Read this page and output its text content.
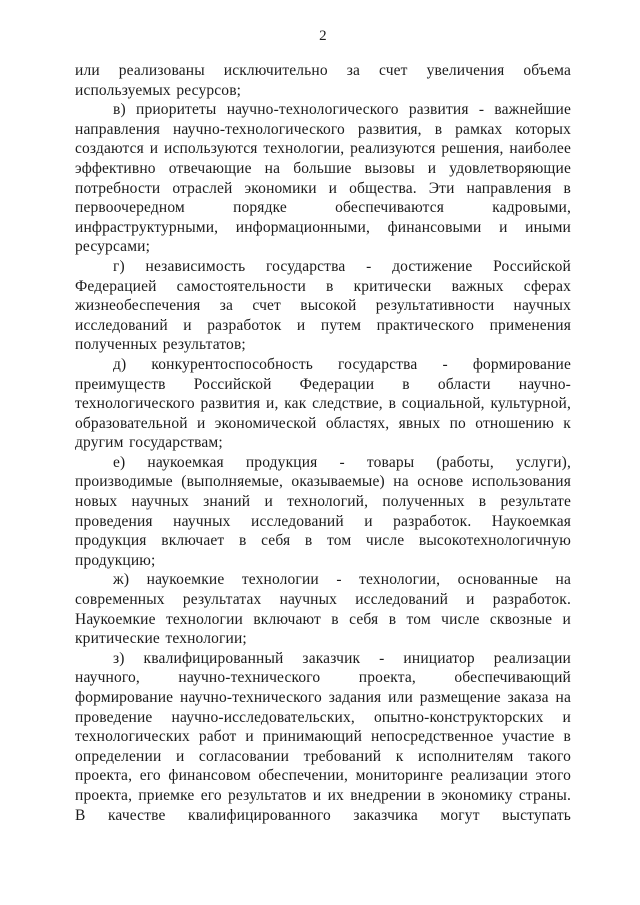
2

или реализованы исключительно за счет увеличения объема используемых ресурсов;

в) приоритеты научно-технологического развития - важнейшие направления научно-технологического развития, в рамках которых создаются и используются технологии, реализуются решения, наиболее эффективно отвечающие на большие вызовы и удовлетворяющие потребности отраслей экономики и общества. Эти направления в первоочередном порядке обеспечиваются кадровыми, инфраструктурными, информационными, финансовыми и иными ресурсами;

г) независимость государства - достижение Российской Федерацией самостоятельности в критически важных сферах жизнеобеспечения за счет высокой результативности научных исследований и разработок и путем практического применения полученных результатов;

д) конкурентоспособность государства - формирование преимуществ Российской Федерации в области научно-технологического развития и, как следствие, в социальной, культурной, образовательной и экономической областях, явных по отношению к другим государствам;

е) наукоемкая продукция - товары (работы, услуги), производимые (выполняемые, оказываемые) на основе использования новых научных знаний и технологий, полученных в результате проведения научных исследований и разработок. Наукоемкая продукция включает в себя в том числе высокотехнологичную продукцию;

ж) наукоемкие технологии - технологии, основанные на современных результатах научных исследований и разработок. Наукоемкие технологии включают в себя в том числе сквозные и критические технологии;

з) квалифицированный заказчик - инициатор реализации научного, научно-технического проекта, обеспечивающий формирование научно-технического задания или размещение заказа на проведение научно-исследовательских, опытно-конструкторских и технологических работ и принимающий непосредственное участие в определении и согласовании требований к исполнителям такого проекта, его финансовом обеспечении, мониторинге реализации этого проекта, приемке его результатов и их внедрении в экономику страны. В качестве квалифицированного заказчика могут выступать
